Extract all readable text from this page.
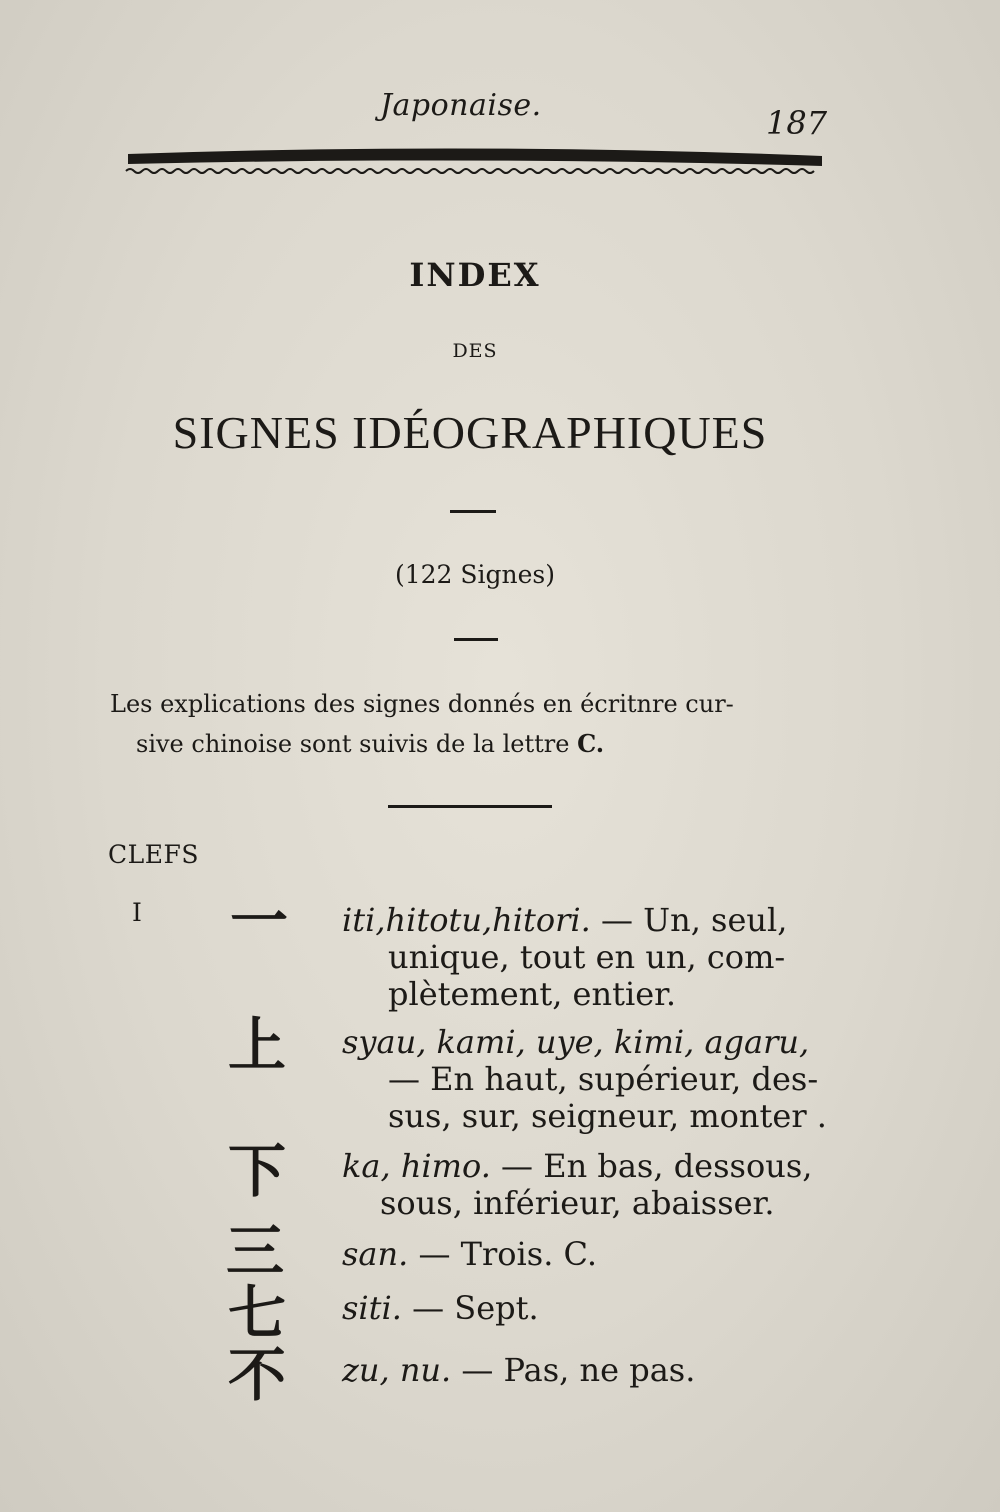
Japonaise.	187
INDEX
DES
SIGNES IDÉOGRAPHIQUES
(122 Signes)
Les explications des signes donnés en écritnre cur-
sive chinoise sont suivis de la lettre C.
CLEFS
I 一 iti,hitotu,hitori. — Un, seul,
unique, tout en un, com-
plètement, entier.
上 syau, kami, uye, kimi, agaru,
— En haut, supérieur, des-
sus, sur, seigneur, monter .
下 ka, himo. — En bas, dessous,
sous, inférieur, abaisser.
三 san. — Trois. C.
七 siti. — Sept.
不 zu, nu. — Pas, ne pas.
